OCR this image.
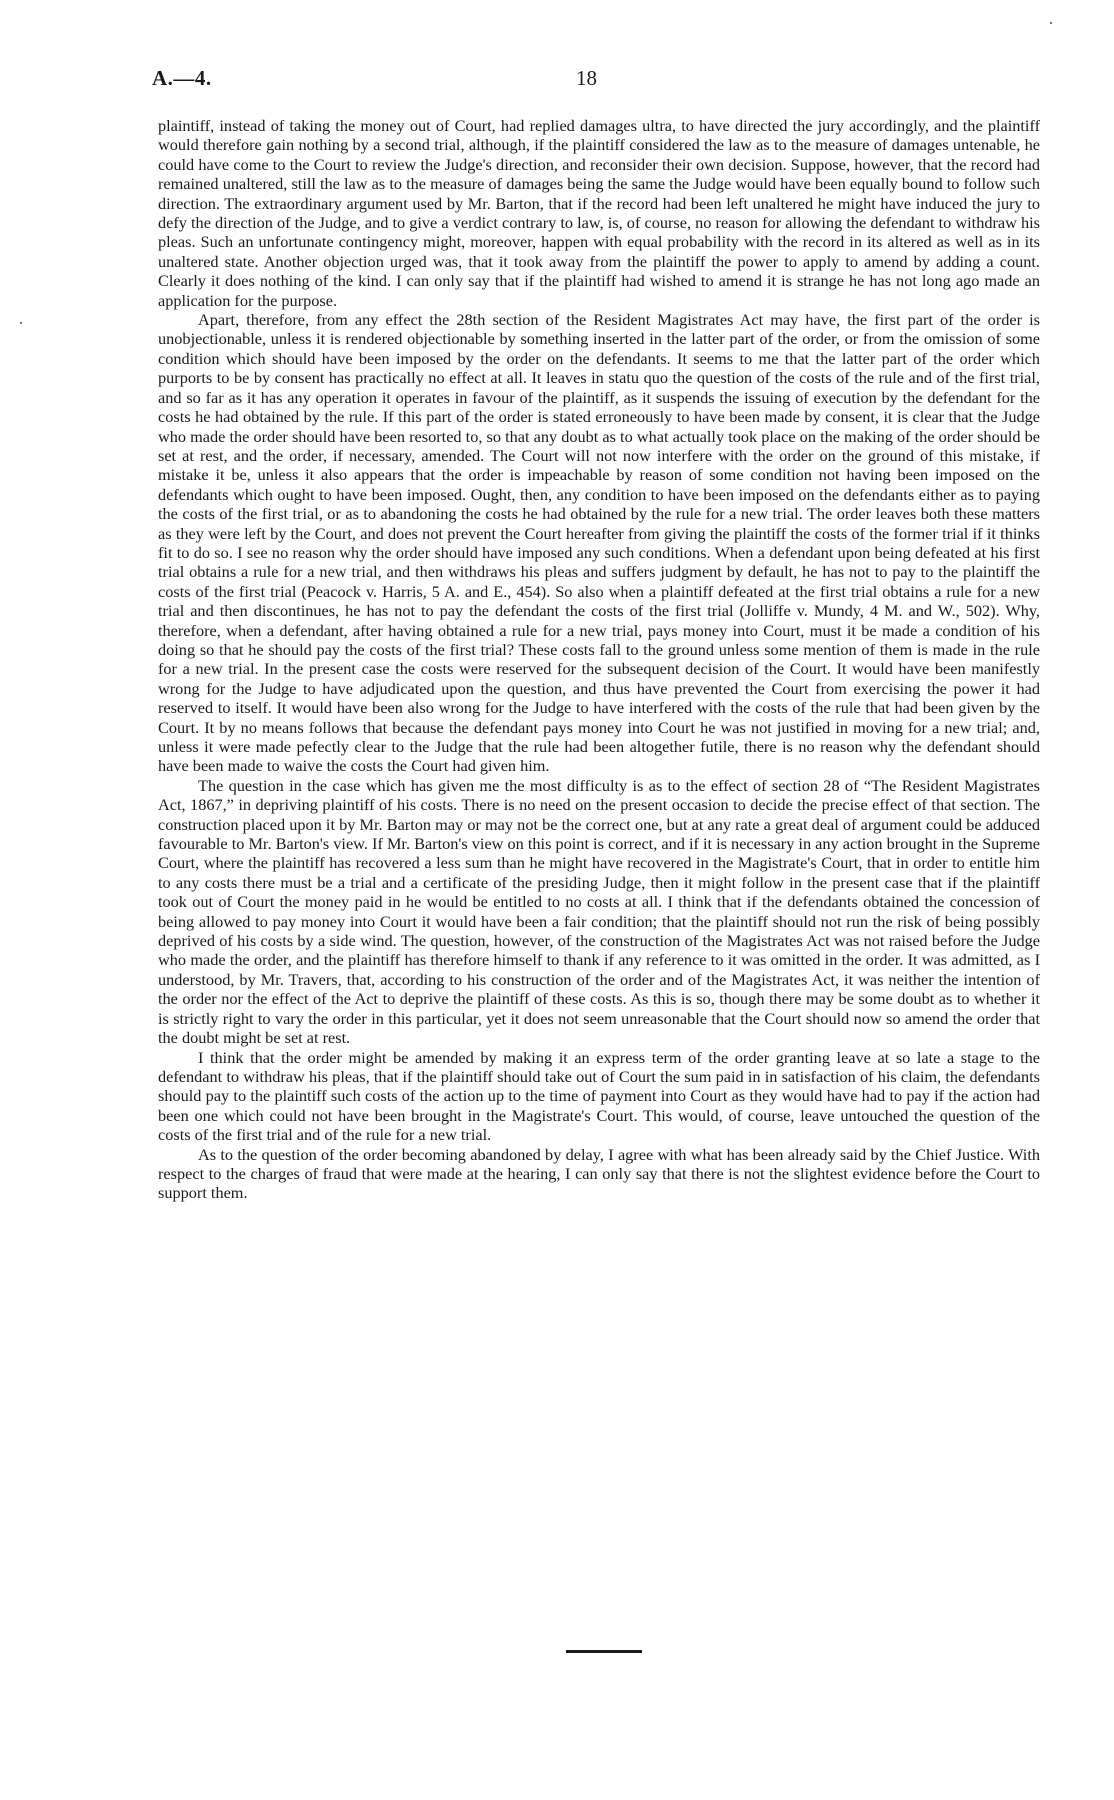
A.—4.	18

plaintiff, instead of taking the money out of Court, had replied damages ultra, to have directed the jury accordingly, and the plaintiff would therefore gain nothing by a second trial, although, if the plaintiff considered the law as to the measure of damages untenable, he could have come to the Court to review the Judge's direction, and reconsider their own decision. Suppose, however, that the record had remained unaltered, still the law as to the measure of damages being the same the Judge would have been equally bound to follow such direction. The extraordinary argument used by Mr. Barton, that if the record had been left unaltered he might have induced the jury to defy the direction of the Judge, and to give a verdict contrary to law, is, of course, no reason for allowing the defendant to withdraw his pleas. Such an unfortunate contingency might, moreover, happen with equal probability with the record in its altered as well as in its unaltered state. Another objection urged was, that it took away from the plaintiff the power to apply to amend by adding a count. Clearly it does nothing of the kind. I can only say that if the plaintiff had wished to amend it is strange he has not long ago made an application for the purpose.

Apart, therefore, from any effect the 28th section of the Resident Magistrates Act may have, the first part of the order is unobjectionable, unless it is rendered objectionable by something inserted in the latter part of the order, or from the omission of some condition which should have been imposed by the order on the defendants. It seems to me that the latter part of the order which purports to be by consent has practically no effect at all. It leaves in statu quo the question of the costs of the rule and of the first trial, and so far as it has any operation it operates in favour of the plaintiff, as it suspends the issuing of execution by the defendant for the costs he had obtained by the rule. If this part of the order is stated erroneously to have been made by consent, it is clear that the Judge who made the order should have been resorted to, so that any doubt as to what actually took place on the making of the order should be set at rest, and the order, if necessary, amended. The Court will not now interfere with the order on the ground of this mistake, if mistake it be, unless it also appears that the order is impeachable by reason of some condition not having been imposed on the defendants which ought to have been imposed. Ought, then, any condition to have been imposed on the defendants either as to paying the costs of the first trial, or as to abandoning the costs he had obtained by the rule for a new trial. The order leaves both these matters as they were left by the Court, and does not prevent the Court hereafter from giving the plaintiff the costs of the former trial if it thinks fit to do so. I see no reason why the order should have imposed any such conditions. When a defendant upon being defeated at his first trial obtains a rule for a new trial, and then withdraws his pleas and suffers judgment by default, he has not to pay to the plaintiff the costs of the first trial (Peacock v. Harris, 5 A. and E., 454). So also when a plaintiff defeated at the first trial obtains a rule for a new trial and then discontinues, he has not to pay the defendant the costs of the first trial (Jolliffe v. Mundy, 4 M. and W., 502). Why, therefore, when a defendant, after having obtained a rule for a new trial, pays money into Court, must it be made a condition of his doing so that he should pay the costs of the first trial? These costs fall to the ground unless some mention of them is made in the rule for a new trial. In the present case the costs were reserved for the subsequent decision of the Court. It would have been manifestly wrong for the Judge to have adjudicated upon the question, and thus have prevented the Court from exercising the power it had reserved to itself. It would have been also wrong for the Judge to have interfered with the costs of the rule that had been given by the Court. It by no means follows that because the defendant pays money into Court he was not justified in moving for a new trial; and, unless it were made pefectly clear to the Judge that the rule had been altogether futile, there is no reason why the defendant should have been made to waive the costs the Court had given him.

The question in the case which has given me the most difficulty is as to the effect of section 28 of “The Resident Magistrates Act, 1867,” in depriving plaintiff of his costs. There is no need on the present occasion to decide the precise effect of that section. The construction placed upon it by Mr. Barton may or may not be the correct one, but at any rate a great deal of argument could be adduced favourable to Mr. Barton's view. If Mr. Barton's view on this point is correct, and if it is necessary in any action brought in the Supreme Court, where the plaintiff has recovered a less sum than he might have recovered in the Magistrate's Court, that in order to entitle him to any costs there must be a trial and a certificate of the presiding Judge, then it might follow in the present case that if the plaintiff took out of Court the money paid in he would be entitled to no costs at all. I think that if the defendants obtained the concession of being allowed to pay money into Court it would have been a fair condition; that the plaintiff should not run the risk of being possibly deprived of his costs by a side wind. The question, however, of the construction of the Magistrates Act was not raised before the Judge who made the order, and the plaintiff has therefore himself to thank if any reference to it was omitted in the order. It was admitted, as I understood, by Mr. Travers, that, according to his construction of the order and of the Magistrates Act, it was neither the intention of the order nor the effect of the Act to deprive the plaintiff of these costs. As this is so, though there may be some doubt as to whether it is strictly right to vary the order in this particular, yet it does not seem unreasonable that the Court should now so amend the order that the doubt might be set at rest.

I think that the order might be amended by making it an express term of the order granting leave at so late a stage to the defendant to withdraw his pleas, that if the plaintiff should take out of Court the sum paid in in satisfaction of his claim, the defendants should pay to the plaintiff such costs of the action up to the time of payment into Court as they would have had to pay if the action had been one which could not have been brought in the Magistrate's Court. This would, of course, leave untouched the question of the costs of the first trial and of the rule for a new trial.

As to the question of the order becoming abandoned by delay, I agree with what has been already said by the Chief Justice. With respect to the charges of fraud that were made at the hearing, I can only say that there is not the slightest evidence before the Court to support them.
